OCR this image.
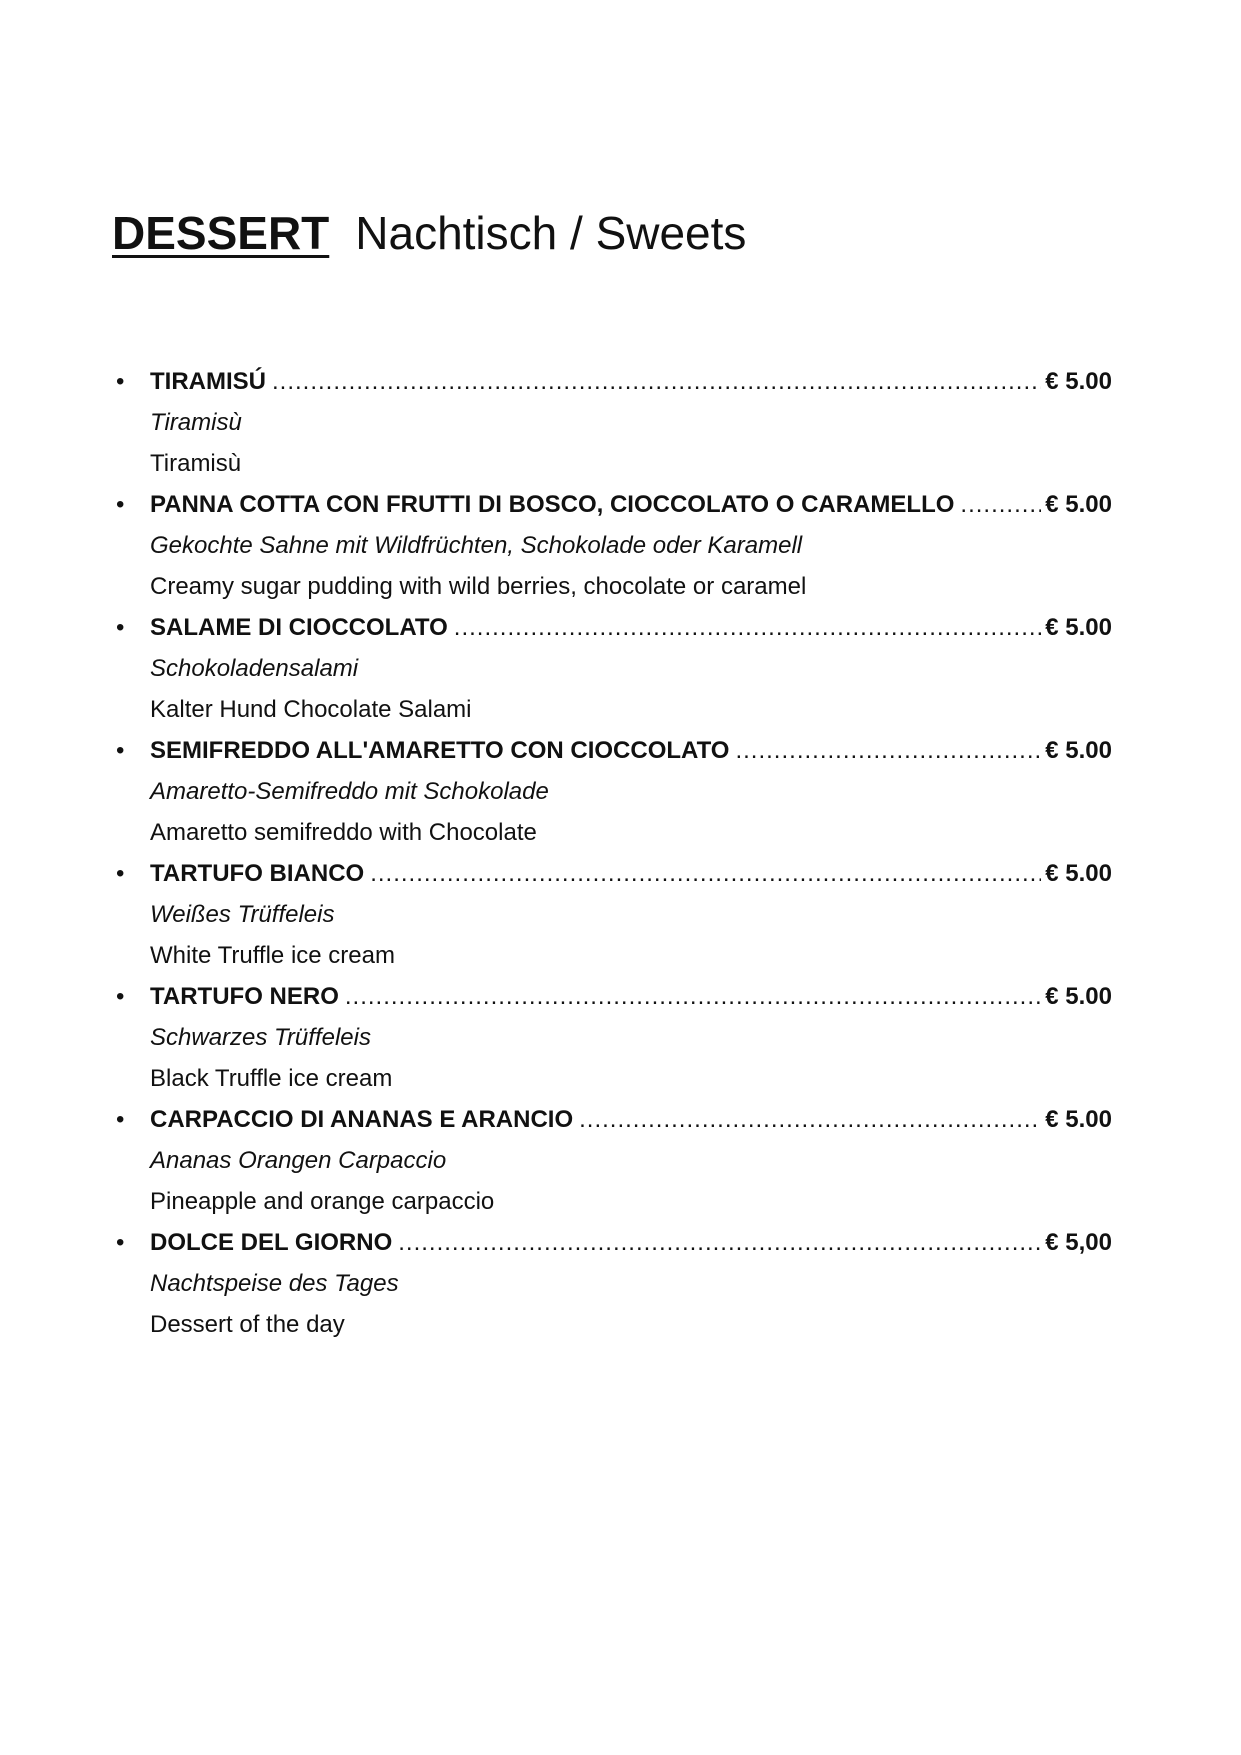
DESSERT Nachtisch / Sweets
• TIRAMISÚ .....	€ 5.00
Tiramisù
Tiramisù
• PANNA COTTA CON FRUTTI DI BOSCO, CIOCCOLATO O CARAMELLO .....	€ 5.00
Gekochte Sahne mit Wildfrüchten, Schokolade oder Karamell
Creamy sugar pudding with wild berries, chocolate or caramel
• SALAME DI CIOCCOLATO .....	€ 5.00
Schokoladensalami
Kalter Hund Chocolate Salami
• SEMIFREDDO ALL'AMARETTO CON CIOCCOLATO .....	€ 5.00
Amaretto-Semifreddo mit Schokolade
Amaretto semifreddo with Chocolate
• TARTUFO BIANCO .....	€ 5.00
Weißes Trüffeleis
White Truffle ice cream
• TARTUFO NERO .....	€ 5.00
Schwarzes Trüffeleis
Black Truffle ice cream
• CARPACCIO DI ANANAS E ARANCIO .....	€ 5.00
Ananas Orangen Carpaccio
Pineapple and orange carpaccio
• DOLCE DEL GIORNO .....	€ 5,00
Nachtspeise des Tages
Dessert of the day
